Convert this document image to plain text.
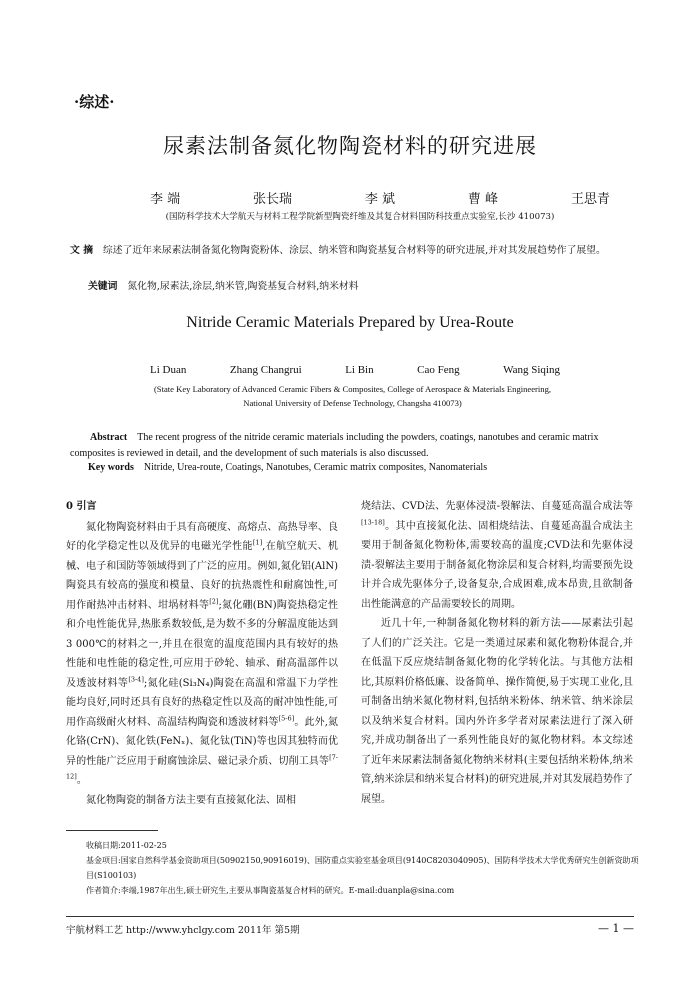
·综述·
尿素法制备氮化物陶瓷材料的研究进展
李 端	张长瑞	李 斌	曹 峰	王思青
(国防科学技术大学航天与材料工程学院新型陶瓷纤维及其复合材料国防科技重点实验室,长沙 410073)
文 摘 综述了近年来尿素法制备氮化物陶瓷粉体、涂层、纳米管和陶瓷基复合材料等的研究进展,并对其发展趋势作了展望。
关键词 氮化物,尿素法,涂层,纳米管,陶瓷基复合材料,纳米材料
Nitride Ceramic Materials Prepared by Urea-Route
Li Duan	Zhang Changrui	Li Bin	Cao Feng	Wang Siqing
(State Key Laboratory of Advanced Ceramic Fibers & Composites, College of Aerospace & Materials Engineering,
National University of Defense Technology, Changsha 410073)
Abstract The recent progress of the nitride ceramic materials including the powders, coatings, nanotubes and ceramic matrix composites is reviewed in detail, and the development of such materials is also discussed.
Key words Nitride, Urea-route, Coatings, Nanotubes, Ceramic matrix composites, Nanomaterials
0 引言

氮化物陶瓷材料由于具有高硬度、高熔点、高热导率、良好的化学稳定性以及优异的电磁光学性能[1],在航空航天、机械、电子和国防等领域得到了广泛的应用。例如,氮化铝(AlN)陶瓷具有较高的强度和模量、良好的抗热震性和耐腐蚀性,可用作耐热冲击材料、坩埚材料等[2];氮化硼(BN)陶瓷热稳定性和介电性能优异,热胀系数较低,是为数不多的分解温度能达到3 000℃的材料之一,并且在很宽的温度范围内具有较好的热性能和电性能的稳定性,可应用于砂轮、轴承、耐高温部件以及透波材料等[3-4];氮化硅(Si₃N₄)陶瓷在高温和常温下力学性能均良好,同时还具有良好的热稳定性以及高的耐冲蚀性能,可用作高级耐火材料、高温结构陶瓷和透波材料等[5-6]。此外,氮化铬(CrN)、氮化铁(FeNₓ)、氮化钛(TiN)等也因其独特而优异的性能广泛应用于耐腐蚀涂层、磁记录介质、切削工具等[7-12]。

氮化物陶瓷的制备方法主要有直接氮化法、固相

烧结法、CVD法、先驱体浸渍-裂解法、自蔓延高温合成法等[13-18]。其中直接氮化法、固相烧结法、自蔓延高温合成法主要用于制备氮化物粉体,需要较高的温度;CVD法和先驱体浸渍-裂解法主要用于制备氮化物涂层和复合材料,均需要预先设计并合成先驱体分子,设备复杂,合成困难,成本昂贵,且欲制备出性能满意的产品需要较长的周期。

近几十年,一种制备氮化物材料的新方法——尿素法引起了人们的广泛关注。它是一类通过尿素和氮化物粉体混合,并在低温下反应烧结制备氮化物的化学转化法。与其他方法相比,其原料价格低廉、设备简单、操作简便,易于实现工业化,且可制备出纳米氮化物材料,包括纳米粉体、纳米管、纳米涂层以及纳米复合材料。国内外许多学者对尿素法进行了深入研究,并成功制备出了一系列性能良好的氮化物材料。本文综述了近年来尿素法制备氮化物纳米材料(主要包括纳米粉体,纳米管,纳米涂层和纳米复合材料)的研究进展,并对其发展趋势作了展望。

收稿日期:2011-02-25

基金项目:国家自然科学基金资助项目(50902150,90916019)、国防重点实验室基金项目(9140C8203040905)、国防科学技术大学优秀研究生创新资助项目(S100103)

作者简介:李端,1987年出生,硕士研究生,主要从事陶瓷基复合材料的研究。E-mail:duanpla@sina.com

宇航材料工艺 http://www.yhclgy.com 2011年 第5期	— 1 —
